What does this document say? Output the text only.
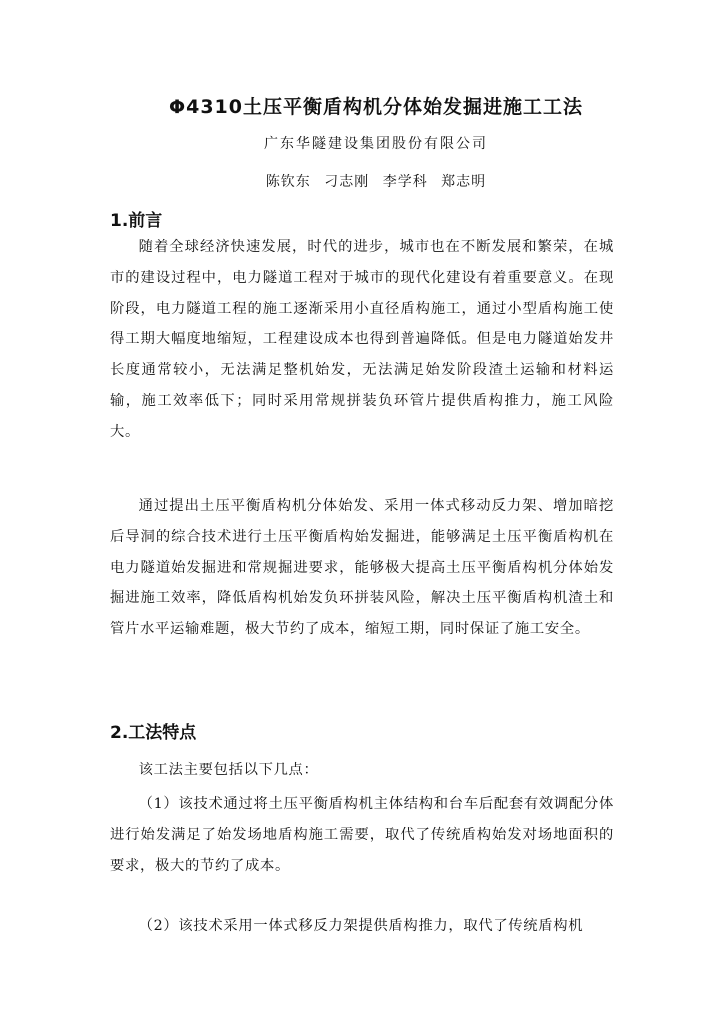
Φ4310土压平衡盾构机分体始发掘进施工工法
广东华隧建设集团股份有限公司
陈钦东 刁志刚 李学科 郑志明
1.前言

随着全球经济快速发展，时代的进步，城市也在不断发展和繁荣，在城市的建设过程中，电力隧道工程对于城市的现代化建设有着重要意义。在现阶段，电力隧道工程的施工逐渐采用小直径盾构施工，通过小型盾构施工使得工期大幅度地缩短，工程建设成本也得到普遍降低。但是电力隧道始发井长度通常较小，无法满足整机始发，无法满足始发阶段渣土运输和材料运输，施工效率低下；同时采用常规拼装负环管片提供盾构推力，施工风险大。

通过提出土压平衡盾构机分体始发、采用一体式移动反力架、增加暗挖后导洞的综合技术进行土压平衡盾构始发掘进，能够满足土压平衡盾构机在电力隧道始发掘进和常规掘进要求，能够极大提高土压平衡盾构机分体始发掘进施工效率，降低盾构机始发负环拼装风险，解决土压平衡盾构机渣土和管片水平运输难题，极大节约了成本，缩短工期，同时保证了施工安全。

2.工法特点

该工法主要包括以下几点：

（1）该技术通过将土压平衡盾构机主体结构和台车后配套有效调配分体进行始发满足了始发场地盾构施工需要，取代了传统盾构始发对场地面积的要求，极大的节约了成本。

（2）该技术采用一体式移反力架提供盾构推力，取代了传统盾构机
